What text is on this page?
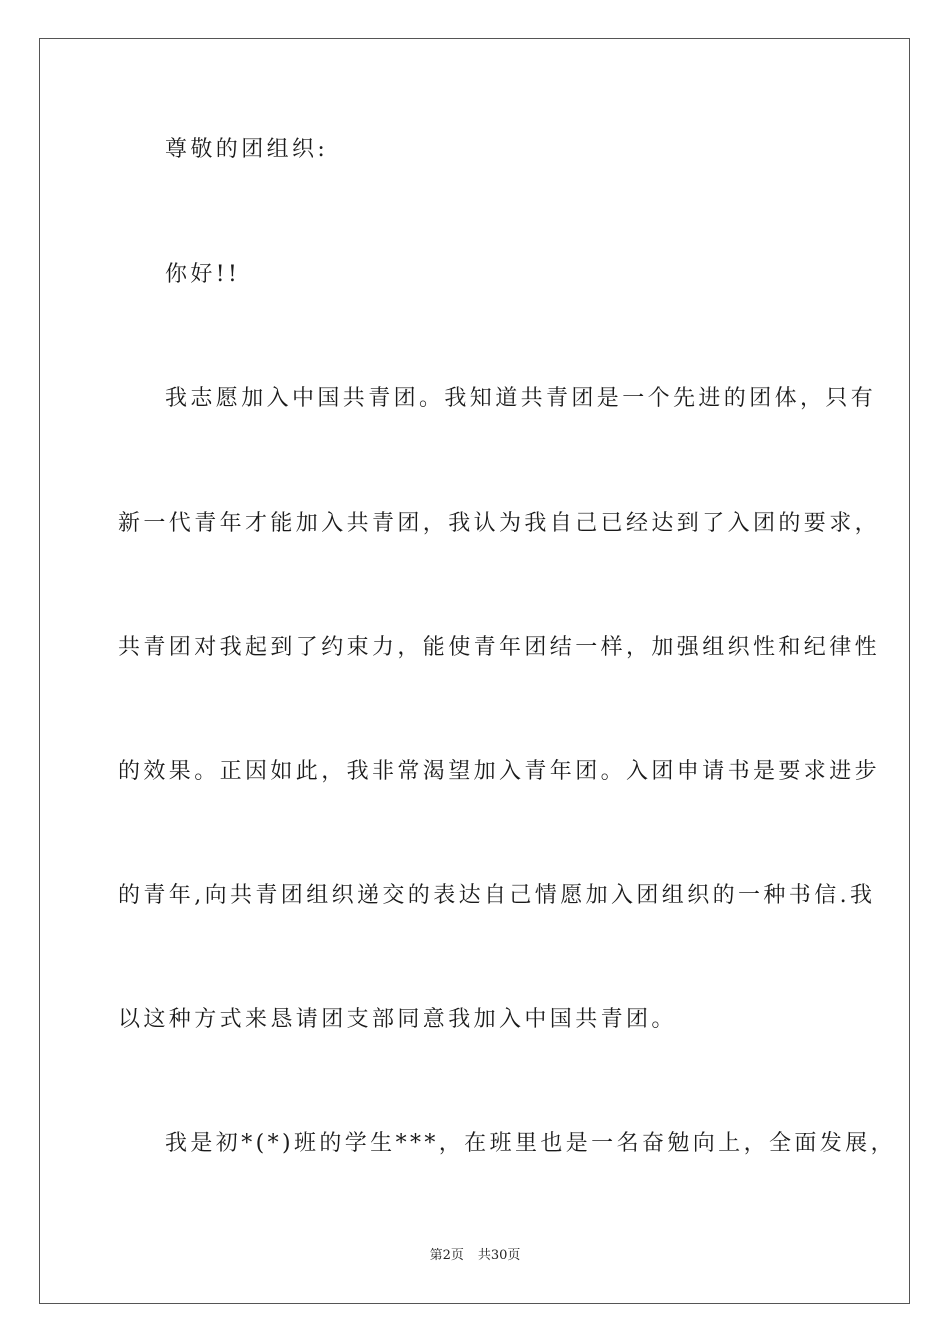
尊敬的团组织:
你好!!
我志愿加入中国共青团。我知道共青团是一个先进的团体，只有
新一代青年才能加入共青团，我认为我自己已经达到了入团的要求，
共青团对我起到了约束力，能使青年团结一样，加强组织性和纪律性
的效果。正因如此，我非常渴望加入青年团。入团申请书是要求进步
的青年,向共青团组织递交的表达自己情愿加入团组织的一种书信.我
以这种方式来恳请团支部同意我加入中国共青团。
我是初*(*)班的学生***，在班里也是一名奋勉向上，全面发展，
第2页 共30页
